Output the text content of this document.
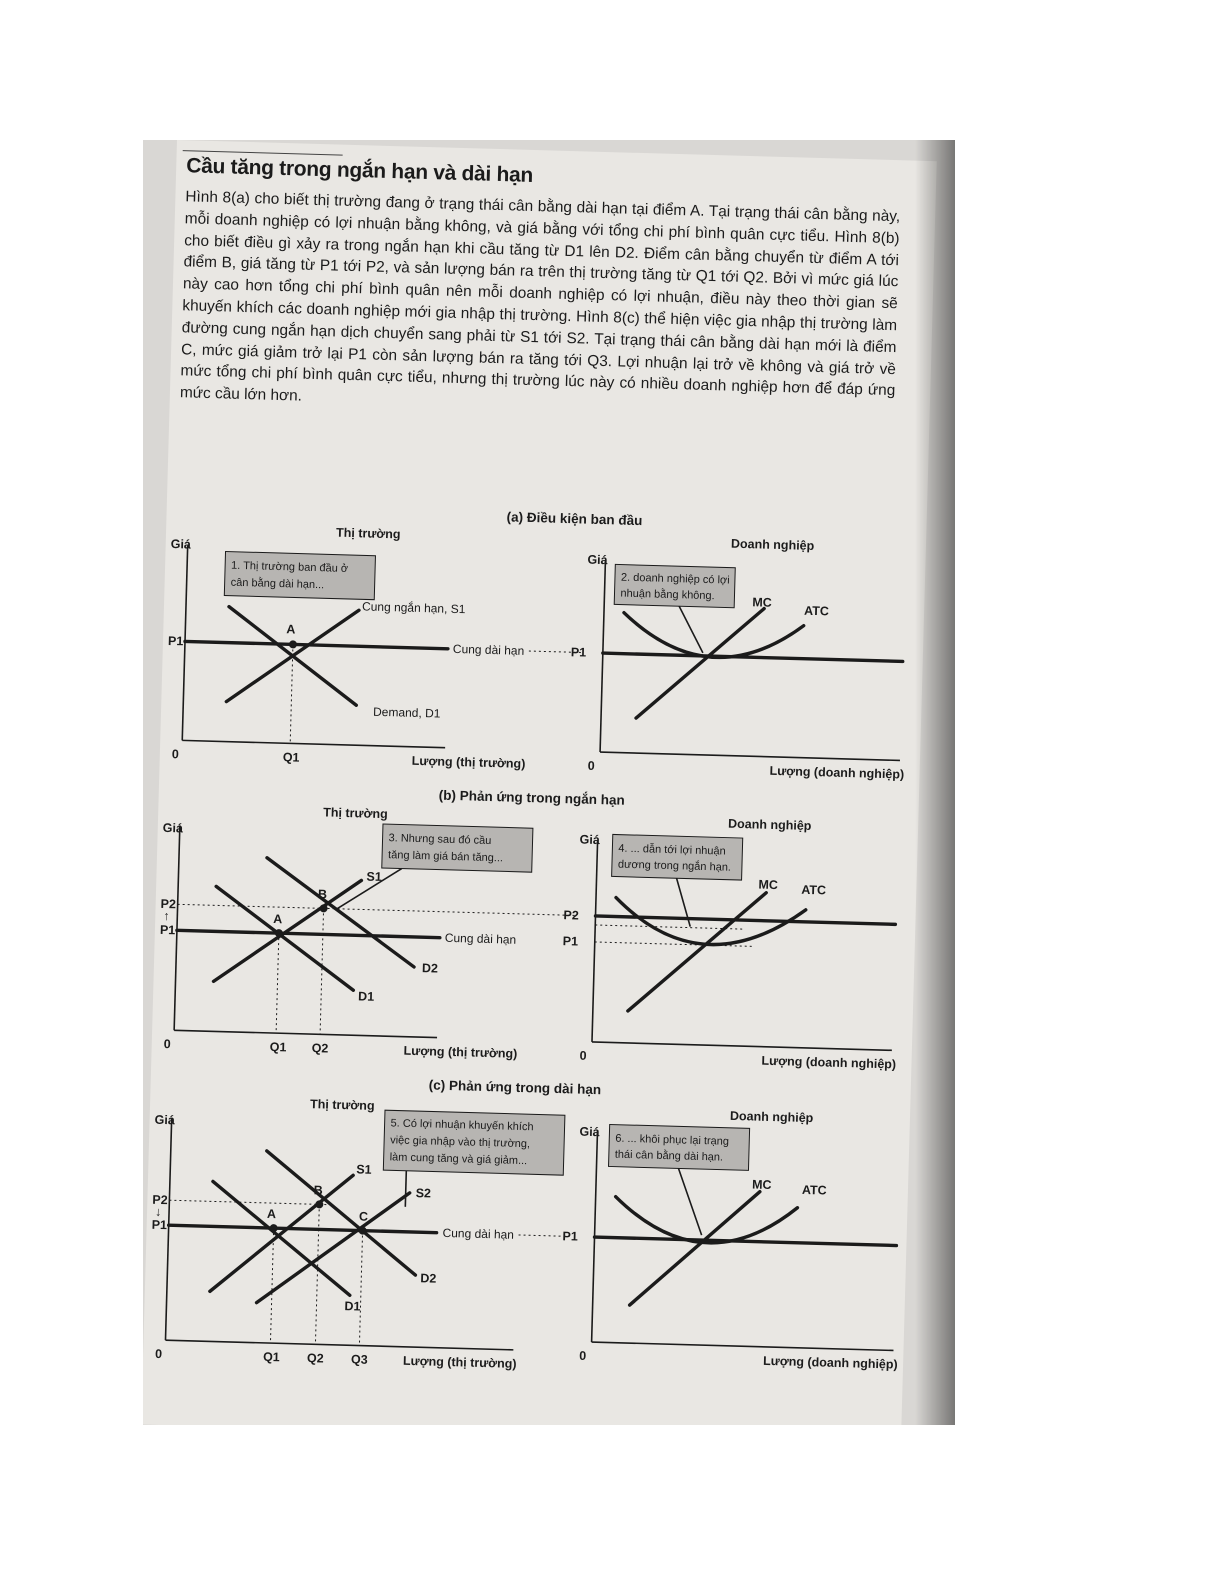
Cầu tăng trong ngắn hạn và dài hạn

Hình 8(a) cho biết thị trường đang ở trạng thái cân bằng dài hạn tại điểm A. Tại trạng thái cân bằng này, mỗi doanh nghiệp có lợi nhuận bằng không, và giá bằng với tổng chi phí bình quân cực tiểu. Hình 8(b) cho biết điều gì xảy ra trong ngắn hạn khi cầu tăng từ D1 lên D2. Điểm cân bằng chuyển từ điểm A tới điểm B, giá tăng từ P1 tới P2, và sản lượng bán ra trên thị trường tăng từ Q1 tới Q2. Bởi vì mức giá lúc này cao hơn tổng chi phí bình quân nên mỗi doanh nghiệp có lợi nhuận, điều này theo thời gian sẽ khuyến khích các doanh nghiệp mới gia nhập thị trường. Hình 8(c) thể hiện việc gia nhập thị trường làm đường cung ngắn hạn dịch chuyển sang phải từ S1 tới S2. Tại trạng thái cân bằng dài hạn mới là điểm C, mức giá giảm trở lại P1 còn sản lượng bán ra tăng tới Q3. Lợi nhuận lại trở về không và giá trở về mức tổng chi phí bình quân cực tiểu, nhưng thị trường lúc này có nhiều doanh nghiệp hơn để đáp ứng mức cầu lớn hơn.

(a) Điều kiện ban đầu
Thị trường
Giá
0	Lượng (thị trường)
1. Thị trường ban đầu ở cân bằng dài hạn...
A
P1
Q1
Cung ngắn hạn, S1
Cung dài hạn
Demand, D1
Doanh nghiệp
Giá
0	Lượng (doanh nghiệp)
2. doanh nghiệp có lợi nhuận bằng không.
P1
MC
ATC
(b) Phản ứng trong ngắn hạn
Thị trường
Giá
0	Lượng (thị trường)
3. Nhưng sau đó cầu tăng làm giá bán tăng...
A
B
P2
↑
P1
Q1 Q2
S1
D2
D1
Cung dài hạn
Doanh nghiệp
Giá
0	Lượng (doanh nghiệp)
4. ... dẫn tới lợi nhuận dương trong ngắn hạn.
P2
P1
MC ATC
(c) Phản ứng trong dài hạn
Thị trường
Giá
0	Lượng (thị trường)
5. Có lợi nhuận khuyến khích việc gia nhập vào thị trường, làm cung tăng và giá giảm...
A
B
C
P2
↓
P1
Q1 Q2 Q3
S1
S2
D2
D1
Cung dài hạn
Doanh nghiệp
Giá
0	Lượng (doanh nghiệp)
6. ... khôi phục lại trạng thái cân bằng dài hạn.
P1
MC ATC
